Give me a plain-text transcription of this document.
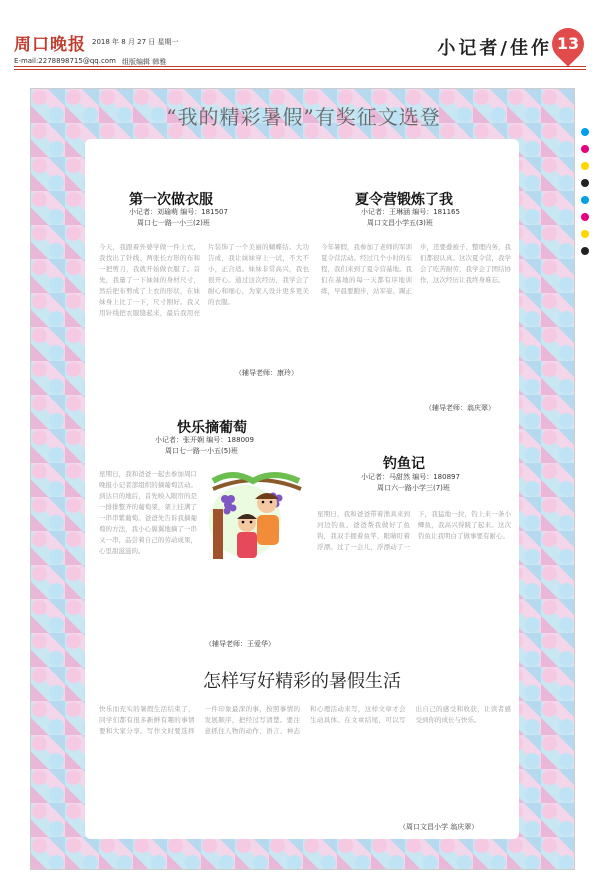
周口晚报 2018 年 8 月 27 日 星期一
E-mail:2278898715@qq.com 组版编辑 韩雅
小记者/佳作 13
“我的精彩暑假”有奖征文选登
第一次做衣服
小记者：刘瑜萌 编号：181507
周口七一路一小三(2)班
今天，我跟着外婆学做一件上衣，我找出了针线、两张长方形的布和一把剪刀，我就开始做衣服了。首先，我量了一下妹妹的身材尺寸，然后把布剪成了上衣的形状，在妹妹身上比了一下，尺寸刚好。我又用针线把衣服缝起来，最后我用亮片装饰了一个美丽的蝴蝶结。大功告成，我让妹妹穿上一试，不大不小，正合适。妹妹非常高兴，我也很开心。通过这次经历，我学会了耐心和细心，为家人设计更多更美的衣服。
（辅导老师：康玲）
夏令营锻炼了我
小记者：王琳涵 编号：181165
周口文昌小学五(3)班
今年暑假，我参加了老师的军训夏令营活动。经过几个小时的车程，我们来到了夏令营基地。我们在基地的每一天都有序地训练，早晨要跑步，站军姿、踢正步，还要叠被子、整理内务，我们都很认真。这次夏令营，我学会了吃苦耐劳，我学会了团结协作，这次经历让我终身难忘。
（辅导老师：翁庆翠）
快乐摘葡萄
小记者：张开娴 编号：188009
周口七一路一小五(5)班
星期日，我和爸爸一起去参加周口晚报小记者部组织的摘葡萄活动。到达目的地后，首先映入眼帘的是一排排整齐的葡萄架，架上挂满了一串串紫葡萄。爸爸先告诉我摘葡萄的方法，我小心翼翼地摘了一串又一串，品尝着自己的劳动成果，心里甜滋滋的。
（辅导老师：王爱华）
钓鱼记
小记者：马甜然 编号：180897
周口六一路小学三(7)班
星期日，我和爸爸带着渔具来到河边钓鱼。爸爸帮我做好了鱼钩，我双手握着鱼竿，眼睛盯着浮漂。过了一会儿，浮漂动了一下，我猛地一拉，钓上来一条小鲫鱼，我高兴得跳了起来。这次钓鱼让我明白了做事要有耐心。
怎样写好精彩的暑假生活
快乐而充实的暑假生活结束了，同学们都有很多新鲜有趣的事情要和大家分享。写作文时要选择一件印象最深的事，按照事情的发展顺序，把经过写清楚。要注意抓住人物的动作、语言、神态和心理活动来写，这样文章才会生动具体。在文章结尾，可以写出自己的感受和收获，让读者感受到你的成长与快乐。
（周口文昌小学 翁庆翠）
